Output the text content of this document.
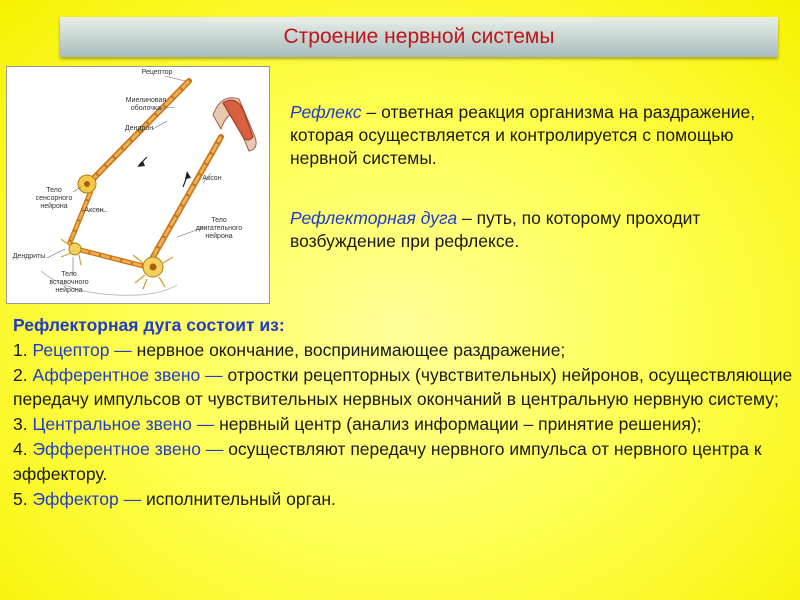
Строение нервной системы
Рецептор
Миелиновая
оболочка
Дендрон
Тело
сенсорного
нейрона
Аксон
Аксон
Тело
двигательного
нейрона
Дендриты
Тело
вставочного
нейрона
Рефлекс – ответная реакция организма на раздражение, которая осуществляется и контролируется с помощью нервной системы.
Рефлекторная дуга – путь, по которому проходит возбуждение при рефлексе.
Рефлекторная дуга состоит из:
1. Рецептор — нервное окончание, воспринимающее раздражение;
2. Афферентное звено — отростки рецепторных (чувствительных) нейронов, осуществляющие передачу импульсов от чувствительных нервных окончаний в центральную нервную систему;
3. Центральное звено — нервный центр (анализ информации – принятие решения);
4. Эфферентное звено — осуществляют передачу нервного импульса от нервного центра к эффектору.
5. Эффектор — исполнительный орган.
